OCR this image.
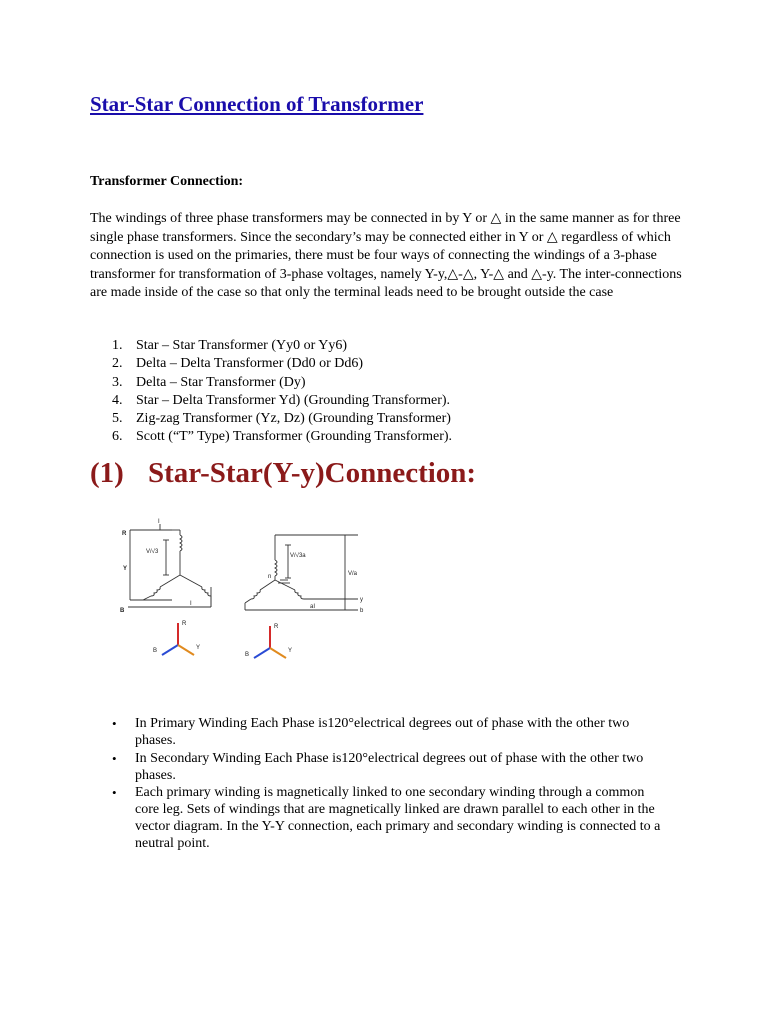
Star-Star Connection of Transformer
Transformer Connection:

The windings of three phase transformers may be connected in by Y or △ in the same manner as for three single phase transformers. Since the secondary’s may be connected either in Y or △ regardless of which connection is used on the primaries, there must be four ways of connecting the windings of a 3-phase transformer for transformation of 3-phase voltages, namely Y-y,△-△, Y-△ and △-y. The inter-connections are made inside of the case so that only the terminal leads need to be brought outside the case

1. Star – Star Transformer (Yy0 or Yy6)
2. Delta – Delta Transformer (Dd0 or Dd6)
3. Delta – Star Transformer (Dy)
4. Star – Delta Transformer Yd) (Grounding Transformer).
5. Zig-zag Transformer (Yz, Dz) (Grounding Transformer)
6. Scott (“T” Type) Transformer (Grounding Transformer).
(1) Star-Star(Y-y)Connection:
R
Y
B
V/√3
I
I
V/√3a
V/a
aI
y
b
n
R
B	Y
R
B
Y
• In Primary Winding Each Phase is120°electrical degrees out of phase with the other two phases.
• In Secondary Winding Each Phase is120°electrical degrees out of phase with the other two phases.
• Each primary winding is magnetically linked to one secondary winding through a common core leg. Sets of windings that are magnetically linked are drawn parallel to each other in the vector diagram. In the Y-Y connection, each primary and secondary winding is connected to a neutral point.
